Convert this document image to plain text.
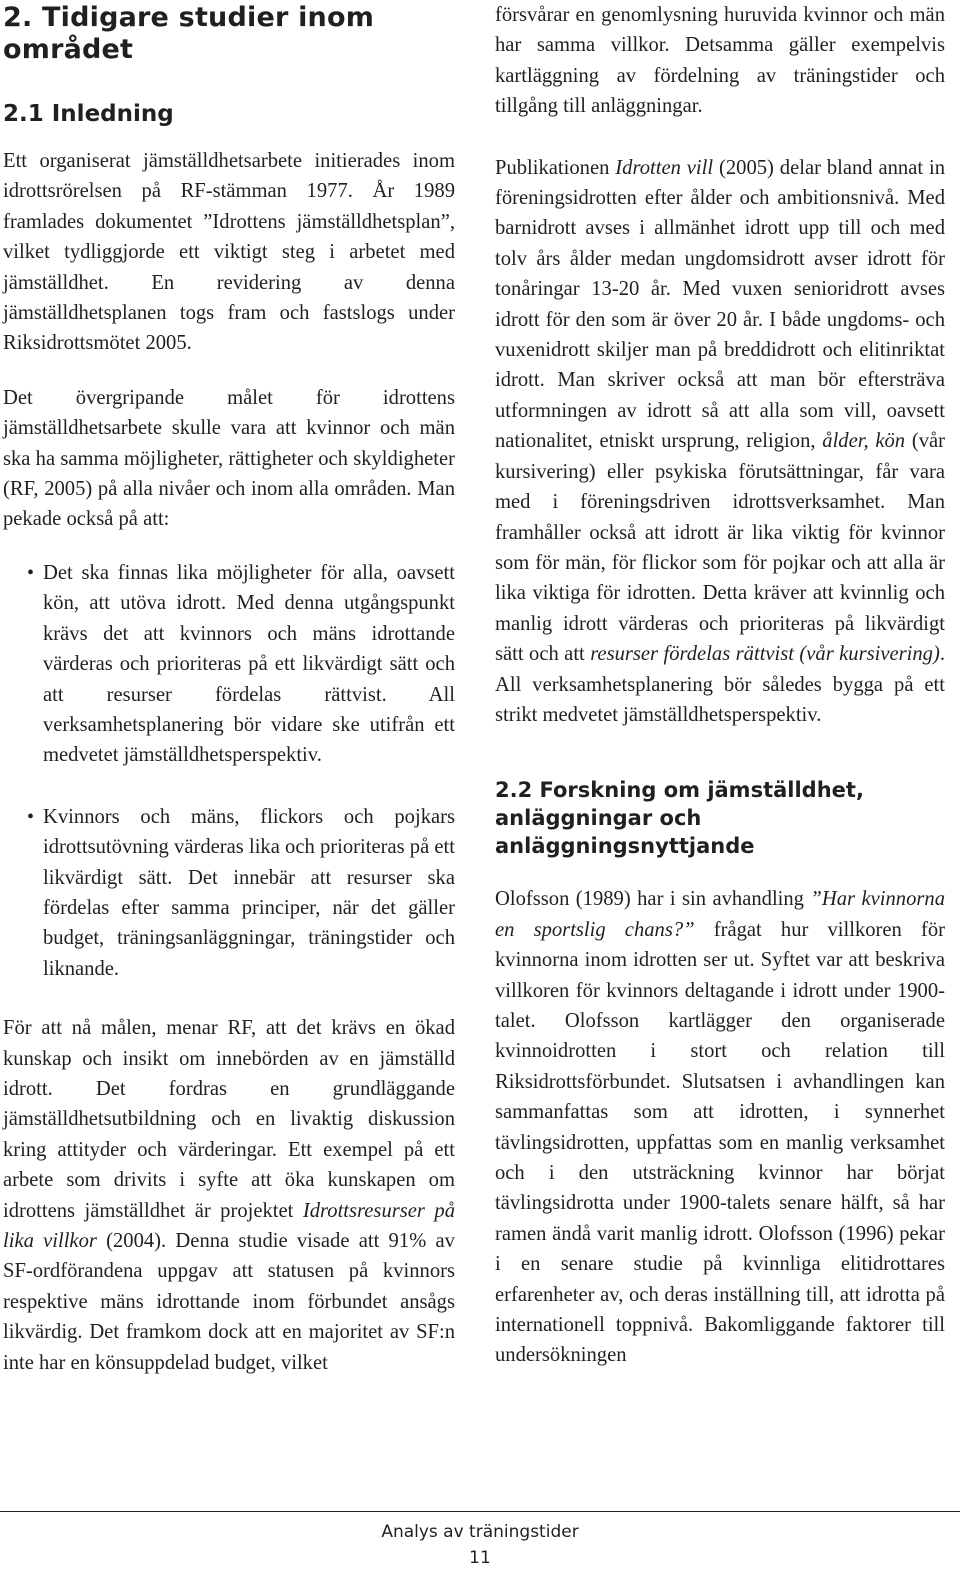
2. Tidigare studier inom området
2.1 Inledning

Ett organiserat jämställdhetsarbete initierades inom idrottsrörelsen på RF-stämman 1977. År 1989 framlades dokumentet ”Idrottens jämställdhetsplan”, vilket tydliggjorde ett viktigt steg i arbetet med jämställdhet. En revidering av denna jämställdhetsplanen togs fram och fastslogs under Riksidrottsmötet 2005.

Det övergripande målet för idrottens jämställdhetsarbete skulle vara att kvinnor och män ska ha samma möjligheter, rättigheter och skyldigheter (RF, 2005) på alla nivåer och inom alla områden. Man pekade också på att:

• Det ska finnas lika möjligheter för alla, oavsett kön, att utöva idrott. Med denna utgångspunkt krävs det att kvinnors och mäns idrottande värderas och prioriteras på ett likvärdigt sätt och att resurser fördelas rättvist. All verksamhetsplanering bör vidare ske utifrån ett medvetet jämställdhetsperspektiv.

• Kvinnors och mäns, flickors och pojkars idrottsutövning värderas lika och prioriteras på ett likvärdigt sätt. Det innebär att resurser ska fördelas efter samma principer, när det gäller budget, träningsanläggningar, träningstider och liknande.

För att nå målen, menar RF, att det krävs en ökad kunskap och insikt om innebörden av en jämställd idrott. Det fordras en grundläggande jämställdhetsutbildning och en livaktig diskussion kring attityder och värderingar. Ett exempel på ett arbete som drivits i syfte att öka kunskapen om idrottens jämställdhet är projektet Idrottsresurser på lika villkor (2004). Denna studie visade att 91% av SF-ordförandena uppgav att statusen på kvinnors respektive mäns idrottande inom förbundet ansågs likvärdig. Det framkom dock att en majoritet av SF:n inte har en könsuppdelad budget, vilket

försvårar en genomlysning huruvida kvinnor och män har samma villkor. Detsamma gäller exempelvis kartläggning av fördelning av träningstider och tillgång till anläggningar.

Publikationen Idrotten vill (2005) delar bland annat in föreningsidrotten efter ålder och ambitionsnivå. Med barnidrott avses i allmänhet idrott upp till och med tolv års ålder medan ungdomsidrott avser idrott för tonåringar 13-20 år. Med vuxen senioridrott avses idrott för den som är över 20 år. I både ungdoms- och vuxenidrott skiljer man på breddidrott och elitinriktat idrott. Man skriver också att man bör eftersträva utformningen av idrott så att alla som vill, oavsett nationalitet, etniskt ursprung, religion, ålder, kön (vår kursivering) eller psykiska förutsättningar, får vara med i föreningsdriven idrottsverksamhet. Man framhåller också att idrott är lika viktig för kvinnor som för män, för flickor som för pojkar och att alla är lika viktiga för idrotten. Detta kräver att kvinnlig och manlig idrott värderas och prioriteras på likvärdigt sätt och att resurser fördelas rättvist (vår kursivering). All verksamhetsplanering bör således bygga på ett strikt medvetet jämställdhetsperspektiv.

2.2 Forskning om jämställdhet, anläggningar och anläggningsnyttjande

Olofsson (1989) har i sin avhandling ”Har kvinnorna en sportslig chans?” frågat hur villkoren för kvinnorna inom idrotten ser ut. Syftet var att beskriva villkoren för kvinnors deltagande i idrott under 1900-talet. Olofsson kartlägger den organiserade kvinnoidrotten i stort och relation till Riksidrottsförbundet. Slutsatsen i avhandlingen kan sammanfattas som att idrotten, i synnerhet tävlingsidrotten, uppfattas som en manlig verksamhet och i den utsträckning kvinnor har börjat tävlingsidrotta under 1900-talets senare hälft, så har ramen ändå varit manlig idrott. Olofsson (1996) pekar i en senare studie på kvinnliga elitidrottares erfarenheter av, och deras inställning till, att idrotta på internationell toppnivå. Bakomliggande faktorer till undersökningen

Analys av träningstider
11
